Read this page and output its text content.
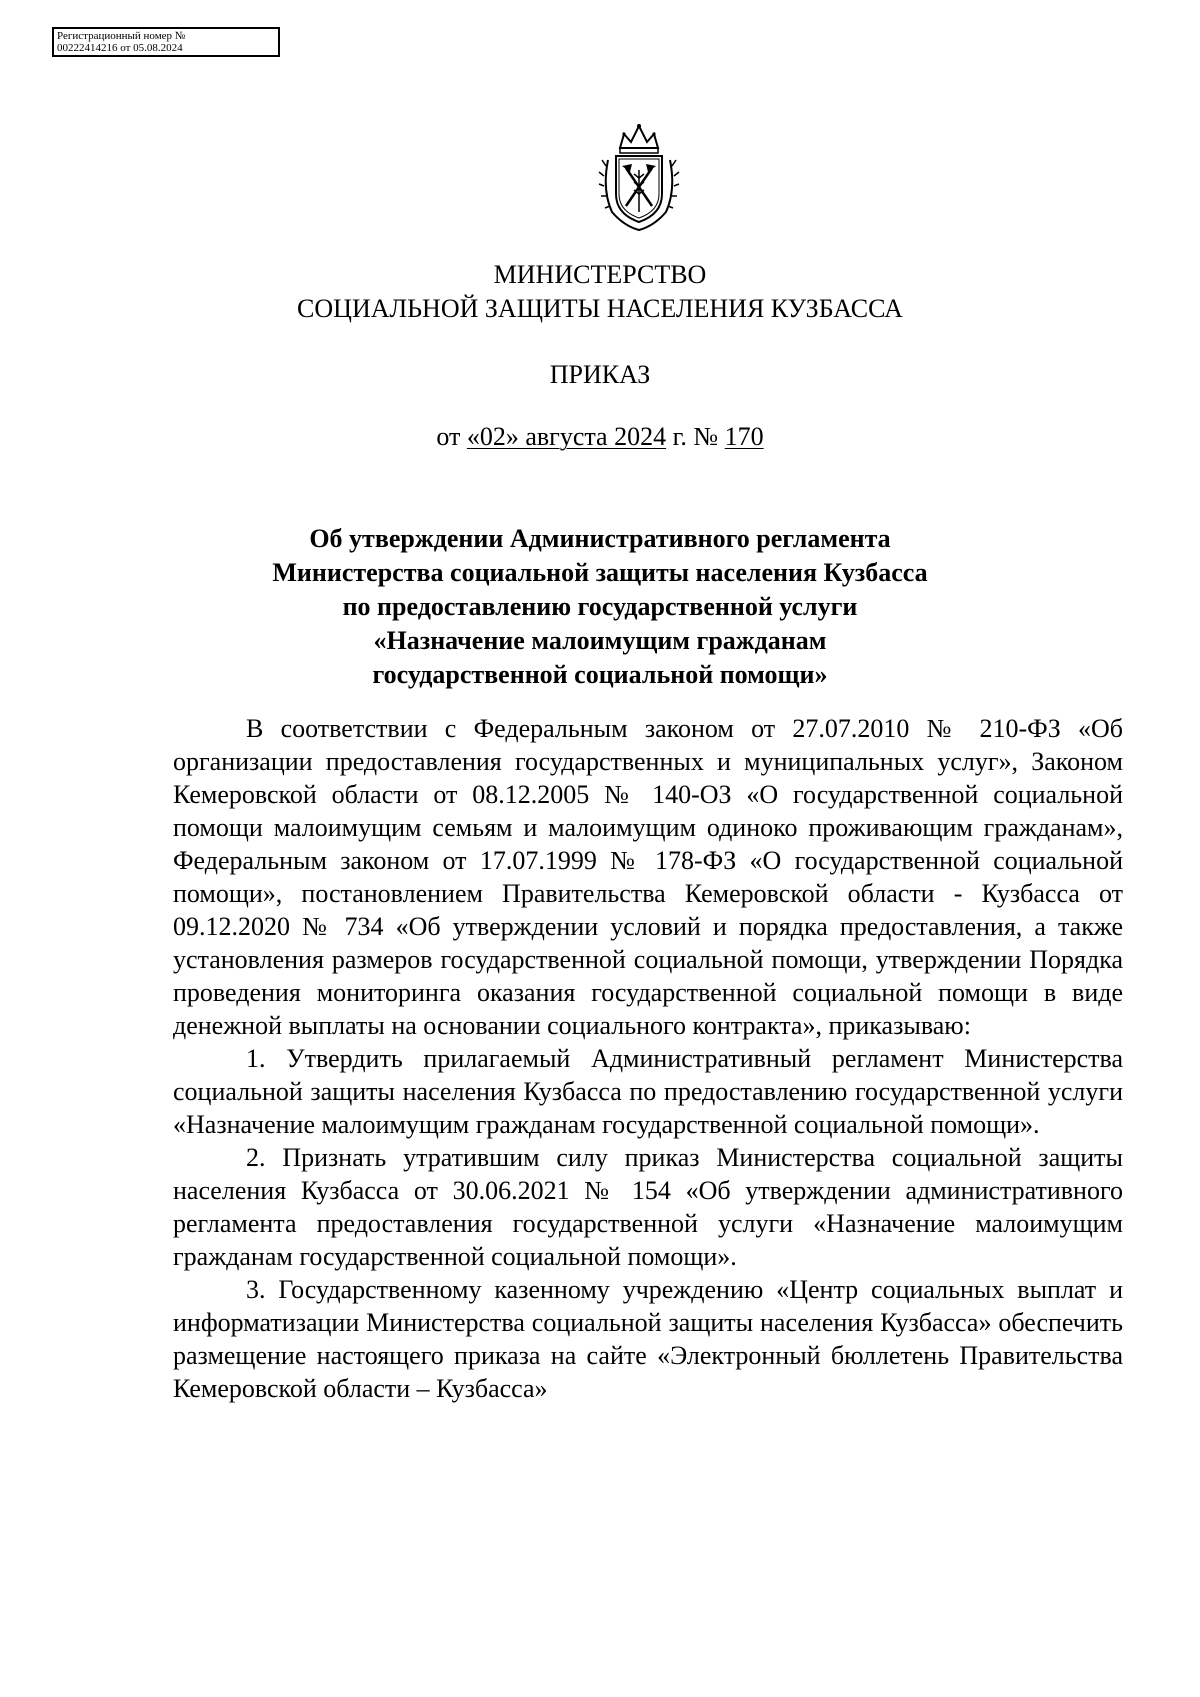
Регистрационный номер №
00222414216 от 05.08.2024
МИНИСТЕРСТВО
СОЦИАЛЬНОЙ ЗАЩИТЫ НАСЕЛЕНИЯ КУЗБАССА
ПРИКАЗ
от «02» августа 2024 г. № 170
Об утверждении Административного регламента
Министерства социальной защиты населения Кузбасса
по предоставлению государственной услуги
«Назначение малоимущим гражданам
государственной социальной помощи»

В соответствии с Федеральным законом от 27.07.2010 № 210-ФЗ «Об организации предоставления государственных и муниципальных услуг», Законом Кемеровской области от 08.12.2005 № 140-ОЗ «О государственной социальной помощи малоимущим семьям и малоимущим одиноко проживающим гражданам», Федеральным законом от 17.07.1999 № 178-ФЗ «О государственной социальной помощи», постановлением Правительства Кемеровской области - Кузбасса от 09.12.2020 № 734 «Об утверждении условий и порядка предоставления, а также установления размеров государственной социальной помощи, утверждении Порядка проведения мониторинга оказания государственной социальной помощи в виде денежной выплаты на основании социального контракта», приказываю:

1. Утвердить прилагаемый Административный регламент Министерства социальной защиты населения Кузбасса по предоставлению государственной услуги «Назначение малоимущим гражданам государственной социальной помощи».

2. Признать утратившим силу приказ Министерства социальной защиты населения Кузбасса от 30.06.2021 № 154 «Об утверждении административного регламента предоставления государственной услуги «Назначение малоимущим гражданам государственной социальной помощи».

3. Государственному казенному учреждению «Центр социальных выплат и информатизации Министерства социальной защиты населения Кузбасса» обеспечить размещение настоящего приказа на сайте «Электронный бюллетень Правительства Кемеровской области – Кузбасса»
